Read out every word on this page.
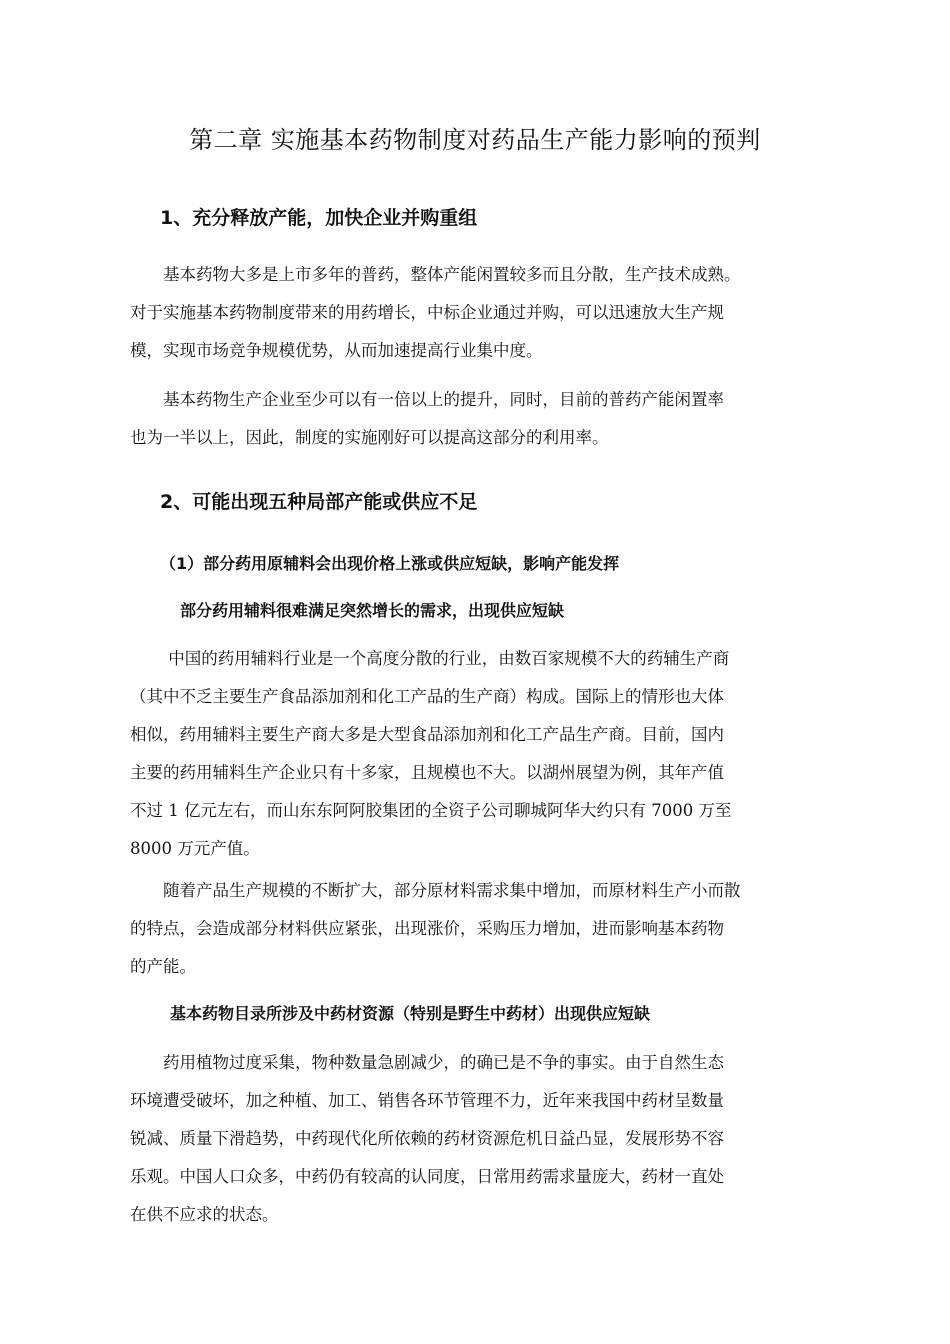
第二章 实施基本药物制度对药品生产能力影响的预判
1、充分释放产能，加快企业并购重组

　　基本药物大多是上市多年的普药，整体产能闲置较多而且分散，生产技术成熟。
对于实施基本药物制度带来的用药增长，中标企业通过并购，可以迅速放大生产规
模，实现市场竞争规模优势，从而加速提高行业集中度。

　　基本药物生产企业至少可以有一倍以上的提升，同时，目前的普药产能闲置率
也为一半以上，因此，制度的实施刚好可以提高这部分的利用率。

2、可能出现五种局部产能或供应不足
（1）部分药用原辅料会出现价格上涨或供应短缺，影响产能发挥
部分药用辅料很难满足突然增长的需求，出现供应短缺

　　 中国的药用辅料行业是一个高度分散的行业，由数百家规模不大的药辅生产商
（其中不乏主要生产食品添加剂和化工产品的生产商）构成。国际上的情形也大体
相似，药用辅料主要生产商大多是大型食品添加剂和化工产品生产商。目前，国内
主要的药用辅料生产企业只有十多家，且规模也不大。以湖州展望为例，其年产值
不过 1 亿元左右，而山东东阿阿胶集团的全资子公司聊城阿华大约只有 7000 万至
8000 万元产值。

　　随着产品生产规模的不断扩大，部分原材料需求集中增加，而原材料生产小而散
的特点，会造成部分材料供应紧张，出现涨价，采购压力增加，进而影响基本药物
的产能。

基本药物目录所涉及中药材资源（特别是野生中药材）出现供应短缺

　　药用植物过度采集，物种数量急剧减少，的确已是不争的事实。由于自然生态
环境遭受破坏，加之种植、加工、销售各环节管理不力，近年来我国中药材呈数量
锐减、质量下滑趋势，中药现代化所依赖的药材资源危机日益凸显，发展形势不容
乐观。中国人口众多，中药仍有较高的认同度，日常用药需求量庞大，药材一直处
在供不应求的状态。
